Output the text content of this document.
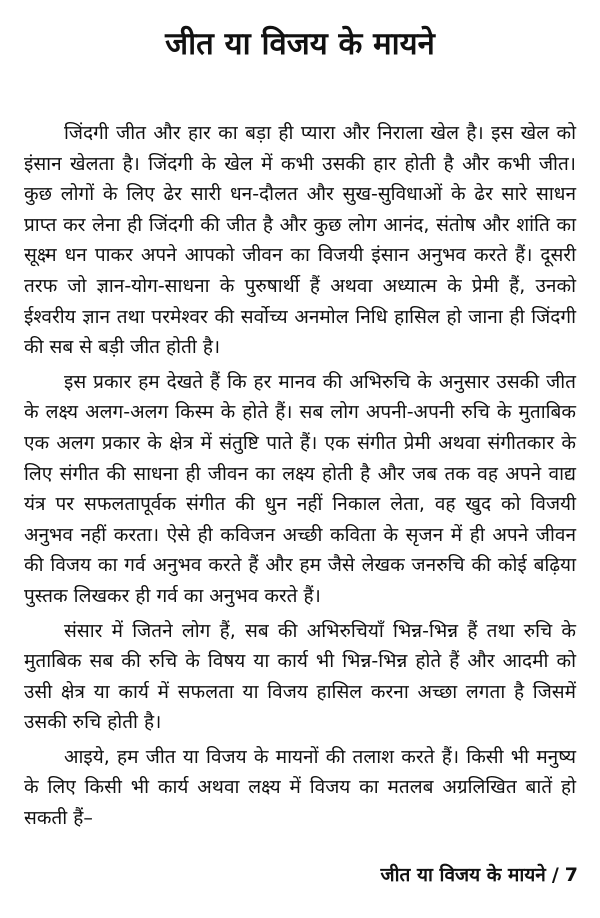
जीत या विजय के मायने

जिंदगी जीत और हार का बड़ा ही प्यारा और निराला खेल है। इस खेल को इंसान खेलता है। जिंदगी के खेल में कभी उसकी हार होती है और कभी जीत। कुछ लोगों के लिए ढेर सारी धन-दौलत और सुख-सुविधाओं के ढेर सारे साधन प्राप्त कर लेना ही जिंदगी की जीत है और कुछ लोग आनंद, संतोष और शांति का सूक्ष्म धन पाकर अपने आपको जीवन का विजयी इंसान अनुभव करते हैं। दूसरी तरफ जो ज्ञान-योग-साधना के पुरुषार्थी हैं अथवा अध्यात्म के प्रेमी हैं, उनको ईश्वरीय ज्ञान तथा परमेश्वर की सर्वोच्य अनमोल निधि हासिल हो जाना ही जिंदगी की सब से बड़ी जीत होती है।

इस प्रकार हम देखते हैं कि हर मानव की अभिरुचि के अनुसार उसकी जीत के लक्ष्य अलग-अलग किस्म के होते हैं। सब लोग अपनी-अपनी रुचि के मुताबिक एक अलग प्रकार के क्षेत्र में संतुष्टि पाते हैं। एक संगीत प्रेमी अथवा संगीतकार के लिए संगीत की साधना ही जीवन का लक्ष्य होती है और जब तक वह अपने वाद्य यंत्र पर सफलतापूर्वक संगीत की धुन नहीं निकाल लेता, वह खुद को विजयी अनुभव नहीं करता। ऐसे ही कविजन अच्छी कविता के सृजन में ही अपने जीवन की विजय का गर्व अनुभव करते हैं और हम जैसे लेखक जनरुचि की कोई बढ़िया पुस्तक लिखकर ही गर्व का अनुभव करते हैं।

संसार में जितने लोग हैं, सब की अभिरुचियाँ भिन्न-भिन्न हैं तथा रुचि के मुताबिक सब की रुचि के विषय या कार्य भी भिन्न-भिन्न होते हैं और आदमी को उसी क्षेत्र या कार्य में सफलता या विजय हासिल करना अच्छा लगता है जिसमें उसकी रुचि होती है।

आइये, हम जीत या विजय के मायनों की तलाश करते हैं। किसी भी मनुष्य के लिए किसी भी कार्य अथवा लक्ष्य में विजय का मतलब अग्रलिखित बातें हो सकती हैं–

जीत या विजय के मायने / 7
